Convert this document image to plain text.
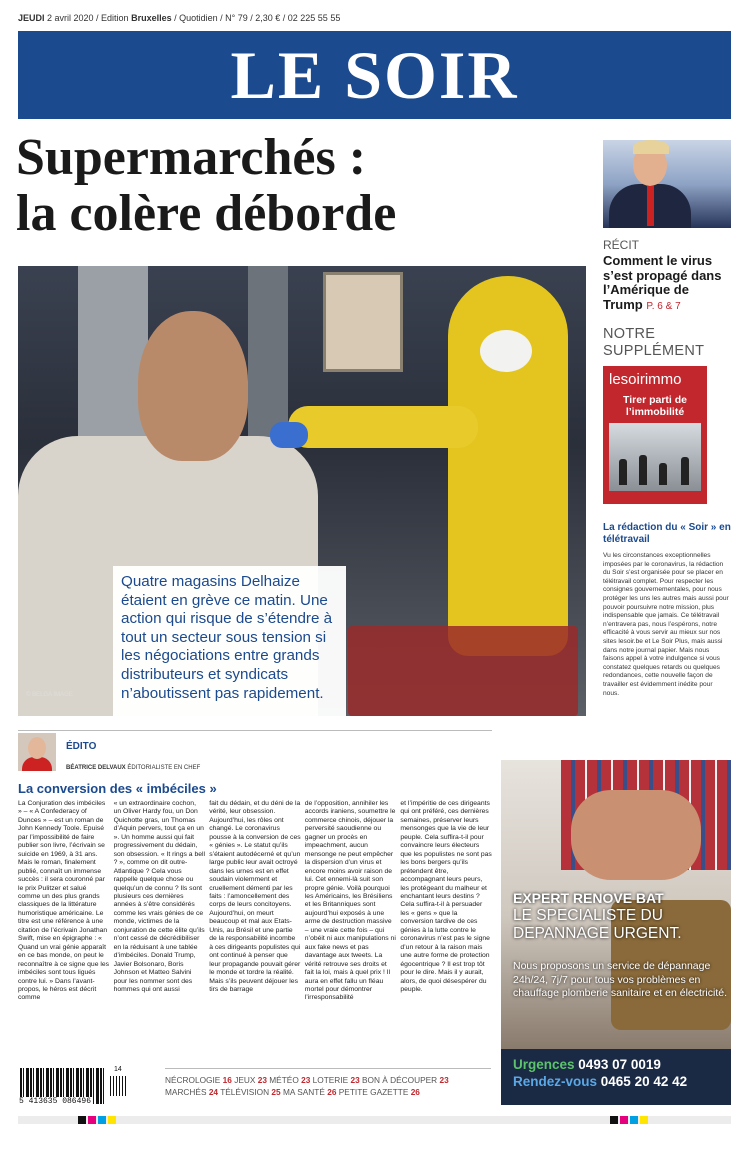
JEUDI 2 avril 2020 / Edition Bruxelles / Quotidien / N° 79 / 2,30 € / 02 225 55 55
LE SOIR
Supermarchés :
la colère déborde
© BELGA IMAGE
Quatre magasins Delhaize étaient en grève ce matin. Une action qui risque de s’étendre à tout un secteur sous tension si les négociations entre grands distributeurs et syndicats n’aboutissent pas rapidement.
RÉCIT
Comment le virus s’est propagé dans l’Amérique de Trump P. 6 & 7
NOTRE SUPPLÉMENT
lesoirimmo
Tirer parti de l’immobilité
La rédaction du « Soir » en télétravail
Vu les circonstances exceptionnelles imposées par le coronavirus, la rédaction du Soir s’est organisée pour se placer en télétravail complet. Pour respecter les consignes gouvernementales, pour nous protéger les uns les autres mais aussi pour pouvoir poursuivre notre mission, plus indispensable que jamais. Ce télétravail n’entravera pas, nous l’espérons, notre efficacité à vous servir au mieux sur nos sites lesoir.be et Le Soir Plus, mais aussi dans notre journal papier. Mais nous faisons appel à votre indulgence si vous constatez quelques retards ou quelques redondances, cette nouvelle façon de travailler est évidemment inédite pour nous.
ÉDITO
BÉATRICE DELVAUX ÉDITORIALISTE EN CHEF
La conversion des « imbéciles »
La Conjuration des imbéciles » – « A Confederacy of Dunces » – est un roman de John Kennedy Toole. Epuisé par l’impossibilité de faire publier son livre, l’écrivain se suicide en 1969, à 31 ans. Mais le roman, finalement publié, connaît un immense succès : il sera couronné par le prix Pulitzer et salué comme un des plus grands classiques de la littérature humoristique américaine. Le titre est une référence à une citation de l’écrivain Jonathan Swift, mise en épigraphe : « Quand un vrai génie apparaît en ce bas monde, on peut le reconnaître à ce signe que les imbéciles sont tous ligués contre lui. » Dans l’avant-propos, le héros est décrit comme
« un extraordinaire cochon, un Oliver Hardy fou, un Don Quichotte gras, un Thomas d’Aquin pervers, tout ça en un ». Un homme aussi qui fait progressivement du dédain, son obsession. « It rings a bell ? », comme on dit outre-Atlantique ? Cela vous rappelle quelque chose ou quelqu’un de connu ? Ils sont plusieurs ces dernières années à s’être considérés comme les vrais génies de ce monde, victimes de la conjuration de cette élite qu’ils n’ont cessé de décrédibiliser en la réduisant à une tablée d’imbéciles. Donald Trump, Javier Bolsonaro, Boris Johnson et Matteo Salvini pour les nommer sont des hommes qui ont aussi
fait du dédain, et du déni de la vérité, leur obsession. Aujourd’hui, les rôles ont changé. Le coronavirus pousse à la conversion de ces « génies ». Le statut qu’ils s’étaient autodécerné et qu’un large public leur avait octroyé dans les urnes est en effet soudain violemment et cruellement démenti par les faits : l’amoncellement des corps de leurs concitoyens. Aujourd’hui, on meurt beaucoup et mal aux Etats-Unis, au Brésil et une partie de la responsabilité incombe à ces dirigeants populistes qui ont continué à penser que leur propagande pouvait gérer le monde et tordre la réalité. Mais s’ils peuvent déjouer les tirs de barrage
de l’opposition, annihiler les accords iraniens, soumettre le commerce chinois, déjouer la perversité saoudienne ou gagner un procès en impeachment, aucun mensonge ne peut empêcher la dispersion d’un virus et encore moins avoir raison de lui. Cet ennemi-là suit son propre génie. Voilà pourquoi les Américains, les Brésiliens et les Britanniques sont aujourd’hui exposés à une arme de destruction massive – une vraie cette fois – qui n’obéit ni aux manipulations ni aux fake news et pas davantage aux tweets. La vérité retrouve ses droits et fait la loi, mais à quel prix ! Il aura en effet fallu un fléau mortel pour démontrer l’irresponsabilité
et l’impéritie de ces dirigeants qui ont préféré, ces dernières semaines, préserver leurs mensonges que la vie de leur peuple. Cela suffira-t-il pour convaincre leurs électeurs que les populistes ne sont pas les bons bergers qu’ils prétendent être, accompagnant leurs peurs, les protégeant du malheur et enchantant leurs destins ? Cela suffira-t-il à persuader les « gens » que la conversion tardive de ces génies à la lutte contre le coronavirus n’est pas le signe d’un retour à la raison mais une autre forme de protection égocentrique ? Il est trop tôt pour le dire. Mais il y aurait, alors, de quoi désespérer du peuple.
EXPERT RENOVE BAT
LE SPECIALISTE DU DEPANNAGE URGENT.
Nous proposons un service de dépannage 24h/24, 7j/7 pour tous vos problèmes en chauffage plomberie sanitaire et en électricité.
Urgences 0493 07 0019
Rendez-vous 0465 20 42 42
5 413635 086496
14
NÉCROLOGIE 16 JEUX 23 MÉTÉO 23 LOTERIE 23 BON À DÉCOUPER 23
MARCHÉS 24 TÉLÉVISION 25 MA SANTÉ 26 PETITE GAZETTE 26
